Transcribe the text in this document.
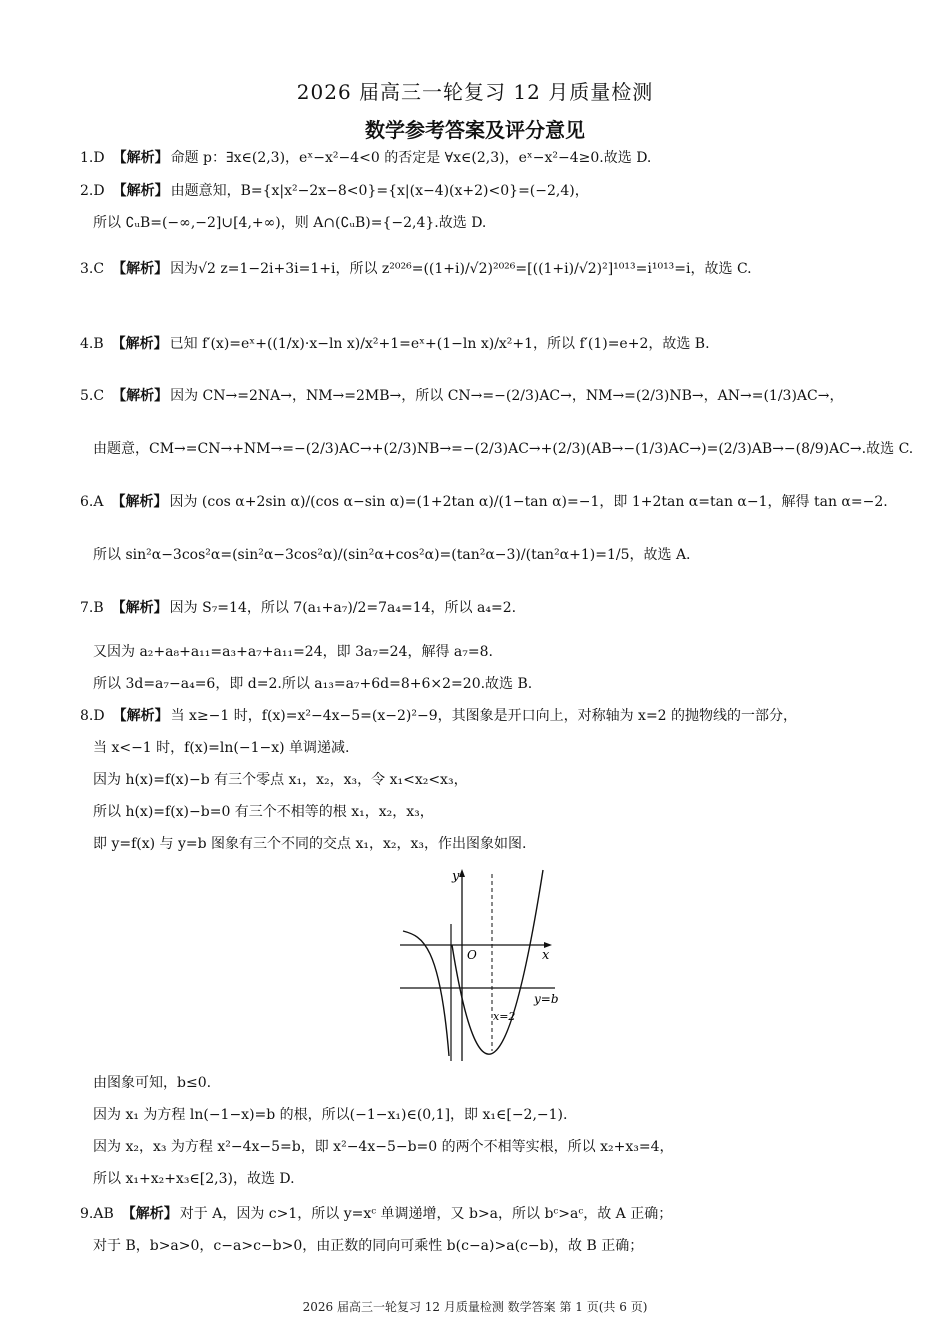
2026 届高三一轮复习 12 月质量检测
数学参考答案及评分意见
1.D 【解析】 命题 p：∃x∈(2,3)，eˣ−x²−4<0 的否定是 ∀x∈(2,3)，eˣ−x²−4≥0.故选 D.
2.D 【解析】 由题意知，B={x|x²−2x−8<0}={x|(x−4)(x+2)<0}=(−2,4)，
所以 ∁ᵤB=(−∞,−2]∪[4,+∞)，则 A∩(∁ᵤB)={−2,4}.故选 D.
3.C 【解析】 因为√2 z=1−2i+3i=1+i，所以 z²⁰²⁶=((1+i)/√2)²⁰²⁶=[((1+i)/√2)²]¹⁰¹³=i¹⁰¹³=i，故选 C.
4.B 【解析】 已知 f′(x)=eˣ+((1/x)·x−ln x)/x²+1=eˣ+(1−ln x)/x²+1，所以 f′(1)=e+2，故选 B.
5.C 【解析】 因为 CN→=2NA→，NM→=2MB→，所以 CN→=−(2/3)AC→，NM→=(2/3)NB→，AN→=(1/3)AC→，
由题意，CM→=CN→+NM→=−(2/3)AC→+(2/3)NB→=−(2/3)AC→+(2/3)(AB→−(1/3)AC→)=(2/3)AB→−(8/9)AC→.故选 C.
6.A 【解析】 因为 (cos α+2sin α)/(cos α−sin α)=(1+2tan α)/(1−tan α)=−1，即 1+2tan α=tan α−1，解得 tan α=−2.
所以 sin²α−3cos²α=(sin²α−3cos²α)/(sin²α+cos²α)=(tan²α−3)/(tan²α+1)=1/5，故选 A.
7.B 【解析】 因为 S₇=14，所以 7(a₁+a₇)/2=7a₄=14，所以 a₄=2.
又因为 a₂+a₈+a₁₁=a₃+a₇+a₁₁=24，即 3a₇=24，解得 a₇=8.
所以 3d=a₇−a₄=6，即 d=2.所以 a₁₃=a₇+6d=8+6×2=20.故选 B.
8.D 【解析】 当 x≥−1 时，f(x)=x²−4x−5=(x−2)²−9，其图象是开口向上，对称轴为 x=2 的抛物线的一部分，
当 x<−1 时，f(x)=ln(−1−x) 单调递减.
因为 h(x)=f(x)−b 有三个零点 x₁，x₂，x₃，令 x₁<x₂<x₃，
所以 h(x)=f(x)−b=0 有三个不相等的根 x₁，x₂，x₃，
即 y=f(x) 与 y=b 图象有三个不同的交点 x₁，x₂，x₃，作出图象如图.
y
x
O
y=b
x=2
由图象可知，b≤0.
因为 x₁ 为方程 ln(−1−x)=b 的根，所以(−1−x₁)∈(0,1]，即 x₁∈[−2,−1).
因为 x₂，x₃ 为方程 x²−4x−5=b，即 x²−4x−5−b=0 的两个不相等实根，所以 x₂+x₃=4，
所以 x₁+x₂+x₃∈[2,3)，故选 D.
9.AB 【解析】 对于 A，因为 c>1，所以 y=xᶜ 单调递增，又 b>a，所以 bᶜ>aᶜ，故 A 正确；
对于 B，b>a>0，c−a>c−b>0，由正数的同向可乘性 b(c−a)>a(c−b)，故 B 正确；
2026 届高三一轮复习 12 月质量检测 数学答案 第 1 页(共 6 页)
